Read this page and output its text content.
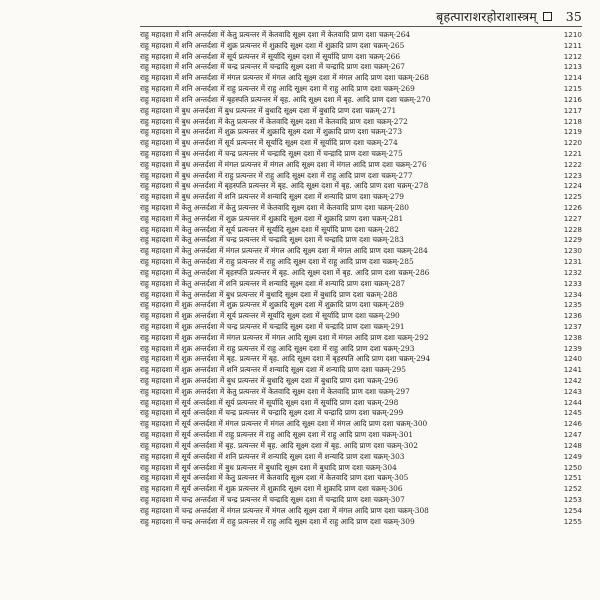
बृहत्पाराशरहोराशास्त्रम्	35
राहु महादशा में शनि अन्तर्दशा में केतु प्रत्यन्तर में केतवादि सूक्ष्म दशा में केतवादि प्राण दशा चक्रम्-264	1210
राहु महादशा में शनि अन्तर्दशा में शुक्र प्रत्यन्तर में शुक्रादि सूक्ष्म दशा में शुक्रादि प्राण दशा चक्रम्-265	1211
राहु महादशा में शनि अन्तर्दशा में सूर्य प्रत्यन्तर में सूर्यादि सूक्ष्म दशा में सूर्यादि प्राण दशा चक्रम्-266	1212
राहु महादशा में शनि अन्तर्दशा में चन्द्र प्रत्यन्तर में चन्द्रादि सूक्ष्म दशा में चन्द्रादि प्राण दशा चक्रम्-267	1213
राहु महादशा में शनि अन्तर्दशा में मंगल प्रत्यन्तर में मंगल आदि सूक्ष्म दशा में मंगल आदि प्राण दशा चक्रम्-268	1214
राहु महादशा में शनि अन्तर्दशा में राहु प्रत्यन्तर में राहु आदि सूक्ष्म दशा में राहु आदि प्राण दशा चक्रम्-269	1215
राहु महादशा में शनि अन्तर्दशा में बृहस्पति प्रत्यन्तर में बृह. आदि सूक्ष्म दशा में बृह. आदि प्राण दशा चक्रम्-270	1216
राहु महादशा में बुध अन्तर्दशा में बुध प्रत्यन्तर में बुधादि सूक्ष्म दशा में बुधादि प्राण दशा चक्रम्-271	1217
राहु महादशा में बुध अन्तर्दशा में केतु प्रत्यन्तर में केतवादि सूक्ष्म दशा में केतवादि प्राण दशा चक्रम्-272	1218
राहु महादशा में बुध अन्तर्दशा में शुक्र प्रत्यन्तर में शुक्रादि सूक्ष्म दशा में शुक्रादि प्राण दशा चक्रम्-273	1219
राहु महादशा में बुध अन्तर्दशा में सूर्य प्रत्यन्तर में सूर्यादि सूक्ष्म दशा में सूर्यादि प्राण दशा चक्रम्-274	1220
राहु महादशा में बुध अन्तर्दशा में चन्द्र प्रत्यन्तर में चन्द्रादि सूक्ष्म दशा में चन्द्रादि प्राण दशा चक्रम्-275	1221
राहु महादशा में बुध अन्तर्दशा में मंगल प्रत्यन्तर में मंगल आदि सूक्ष्म दशा में मंगल आदि प्राण दशा चक्रम्-276	1222
राहु महादशा में बुध अन्तर्दशा में राहु प्रत्यन्तर में राहु आदि सूक्ष्म दशा में राहु आदि प्राण दशा चक्रम्-277	1223
राहु महादशा में बुध अन्तर्दशा में बृहस्पति प्रत्यन्तर में बृह. आदि सूक्ष्म दशा में बृह. आदि प्राण दशा चक्रम्-278	1224
राहु महादशा में बुध अन्तर्दशा में शनि प्रत्यन्तर में शन्यादि सूक्ष्म दशा में शन्यादि प्राण दशा चक्रम्-279	1225
राहु महादशा में केतु अन्तर्दशा में केतु प्रत्यन्तर में केतवादि सूक्ष्म दशा में केतवादि प्राण दशा चक्रम्-280	1226
राहु महादशा में केतु अन्तर्दशा में शुक्र प्रत्यन्तर में शुक्रादि सूक्ष्म दशा में शुक्रादि प्राण दशा चक्रम्-281	1227
राहु महादशा में केतु अन्तर्दशा में सूर्य प्रत्यन्तर में सूर्यादि सूक्ष्म दशा में सूर्यादि प्राण दशा चक्रम्-282	1228
राहु महादशा में केतु अन्तर्दशा में चन्द्र प्रत्यन्तर में चन्द्रादि सूक्ष्म दशा में चन्द्रादि प्राण दशा चक्रम्-283	1229
राहु महादशा में केतु अन्तर्दशा में मंगल प्रत्यन्तर में मंगल आदि सूक्ष्म दशा में मंगल आदि प्राण दशा चक्रम्-284	1230
राहु महादशा में केतु अन्तर्दशा में राहु प्रत्यन्तर में राहु आदि सूक्ष्म दशा में राहु आदि प्राण दशा चक्रम्-285	1231
राहु महादशा में केतु अन्तर्दशा में बृहस्पति प्रत्यन्तर में बृह. आदि सूक्ष्म दशा में बृह. आदि प्राण दशा चक्रम्-286	1232
राहु महादशा में केतु अन्तर्दशा में शनि प्रत्यन्तर में शन्यादि सूक्ष्म दशा में शन्यादि प्राण दशा चक्रम्-287	1233
राहु महादशा में केतु अन्तर्दशा में बुध प्रत्यन्तर में बुधादि सूक्ष्म दशा में बुधादि प्राण दशा चक्रम्-288	1234
राहु महादशा में शुक्र अन्तर्दशा में शुक्र प्रत्यन्तर में शुक्रादि सूक्ष्म दशा में शुक्रादि प्राण दशा चक्रम्-289	1235
राहु महादशा में शुक्र अन्तर्दशा में सूर्य प्रत्यन्तर में सूर्यादि सूक्ष्म दशा में सूर्यादि प्राण दशा चक्रम्-290	1236
राहु महादशा में शुक्र अन्तर्दशा में चन्द्र प्रत्यन्तर में चन्द्रादि सूक्ष्म दशा में चन्द्रादि प्राण दशा चक्रम्-291	1237
राहु महादशा में शुक्र अन्तर्दशा में मंगल प्रत्यन्तर में मंगल आदि सूक्ष्म दशा में मंगल आदि प्राण दशा चक्रम्-292	1238
राहु महादशा में शुक्र अन्तर्दशा में राहु प्रत्यन्तर में राहु आदि सूक्ष्म दशा में राहु आदि प्राण दशा चक्रम्-293	1239
राहु महादशा में शुक्र अन्तर्दशा में बृह. प्रत्यन्तर में बृह. आदि सूक्ष्म दशा में बृहस्पति आदि प्राण दशा चक्रम्-294	1240
राहु महादशा में शुक्र अन्तर्दशा में शनि प्रत्यन्तर में शन्यादि सूक्ष्म दशा में शन्यादि प्राण दशा चक्रम्-295	1241
राहु महादशा में शुक्र अन्तर्दशा में बुध प्रत्यन्तर में बुधादि सूक्ष्म दशा में बुधादि प्राण दशा चक्रम्-296	1242
राहु महादशा में शुक्र अन्तर्दशा में केतु प्रत्यन्तर में केतवादि सूक्ष्म दशा में केतवादि प्राण दशा चक्रम्-297	1243
राहु महादशा में सूर्य अन्तर्दशा में सूर्य प्रत्यन्तर में सूर्यादि सूक्ष्म दशा में सूर्यादि प्राण दशा चक्रम्-298	1244
राहु महादशा में सूर्य अन्तर्दशा में चन्द्र प्रत्यन्तर में चन्द्रादि सूक्ष्म दशा में चन्द्रादि प्राण दशा चक्रम्-299	1245
राहु महादशा में सूर्य अन्तर्दशा में मंगल प्रत्यन्तर में मंगल आदि सूक्ष्म दशा में मंगल आदि प्राण दशा चक्रम्-300	1246
राहु महादशा में सूर्य अन्तर्दशा में राहु प्रत्यन्तर में राहु आदि सूक्ष्म दशा में राहु आदि प्राण दशा चक्रम्-301	1247
राहु महादशा में सूर्य अन्तर्दशा में बृह. प्रत्यन्तर में बृह. आदि सूक्ष्म दशा में बृह. आदि प्राण दशा चक्रम्-302	1248
राहु महादशा में सूर्य अन्तर्दशा में शनि प्रत्यन्तर में शन्यादि सूक्ष्म दशा में शन्यादि प्राण दशा चक्रम्-303	1249
राहु महादशा में सूर्य अन्तर्दशा में बुध प्रत्यन्तर में बुधादि सूक्ष्म दशा में बुधादि प्राण दशा चक्रम्-304	1250
राहु महादशा में सूर्य अन्तर्दशा में केतु प्रत्यन्तर में केतवादि सूक्ष्म दशा में केतवादि प्राण दशा चक्रम्-305	1251
राहु महादशा में सूर्य अन्तर्दशा में शुक्र प्रत्यन्तर में शुक्रादि सूक्ष्म दशा में शुक्रादि प्राण दशा चक्रम्-306	1252
राहु महादशा में चन्द्र अन्तर्दशा में चन्द्र प्रत्यन्तर में चन्द्रादि सूक्ष्म दशा में चन्द्रादि प्राण दशा चक्रम्-307	1253
राहु महादशा में चन्द्र अन्तर्दशा में मंगल प्रत्यन्तर में मंगल आदि सूक्ष्म दशा में मंगल आदि प्राण दशा चक्रम्-308	1254
राहु महादशा में चन्द्र अन्तर्दशा में राहु प्रत्यन्तर में राहु आदि सूक्ष्म दशा में राहु आदि प्राण दशा चक्रम्-309	1255
